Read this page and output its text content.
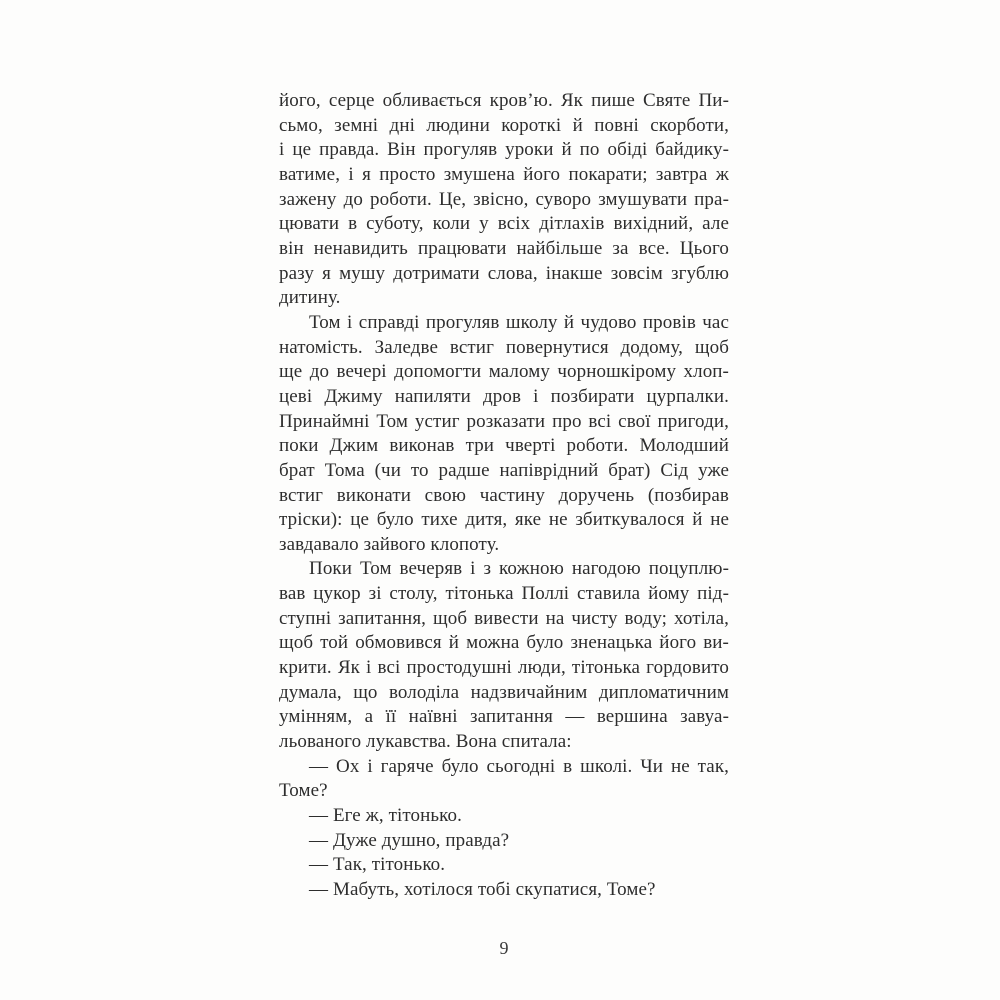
його, серце обливається кров’ю. Як пише Святе Пи-
сьмо, земні дні людини короткі й повні скорботи,
і це правда. Він прогуляв уроки й по обіді байдику-
ватиме, і я просто змушена його покарати; завтра ж
зажену до роботи. Це, звісно, суворо змушувати пра-
цювати в суботу, коли у всіх дітлахів вихідний, але
він ненавидить працювати найбільше за все. Цього
разу я мушу дотримати слова, інакше зовсім згублю
дитину.

Том і справді прогуляв школу й чудово провів час
натомість. Заледве встиг повернутися додому, щоб
ще до вечері допомогти малому чорношкірому хлоп-
цеві Джиму напиляти дров і позбирати цурпалки.
Принаймні Том устиг розказати про всі свої пригоди,
поки Джим виконав три чверті роботи. Молодший
брат Тома (чи то радше напіврідний брат) Сід уже
встиг виконати свою частину доручень (позбирав
тріски): це було тихе дитя, яке не збиткувалося й не
завдавало зайвого клопоту.

Поки Том вечеряв і з кожною нагодою поцуплю-
вав цукор зі столу, тітонька Поллі ставила йому під-
ступні запитання, щоб вивести на чисту воду; хотіла,
щоб той обмовився й можна було зненацька його ви-
крити. Як і всі простодушні люди, тітонька гордовито
думала, що володіла надзвичайним дипломатичним
умінням, а її наївні запитання — вершина завуа-
льованого лукавства. Вона спитала:

— Ох і гаряче було сьогодні в школі. Чи не так,
Томе?

— Еге ж, тітонько.

— Дуже душно, правда?

— Так, тітонько.

— Мабуть, хотілося тобі скупатися, Томе?

9
